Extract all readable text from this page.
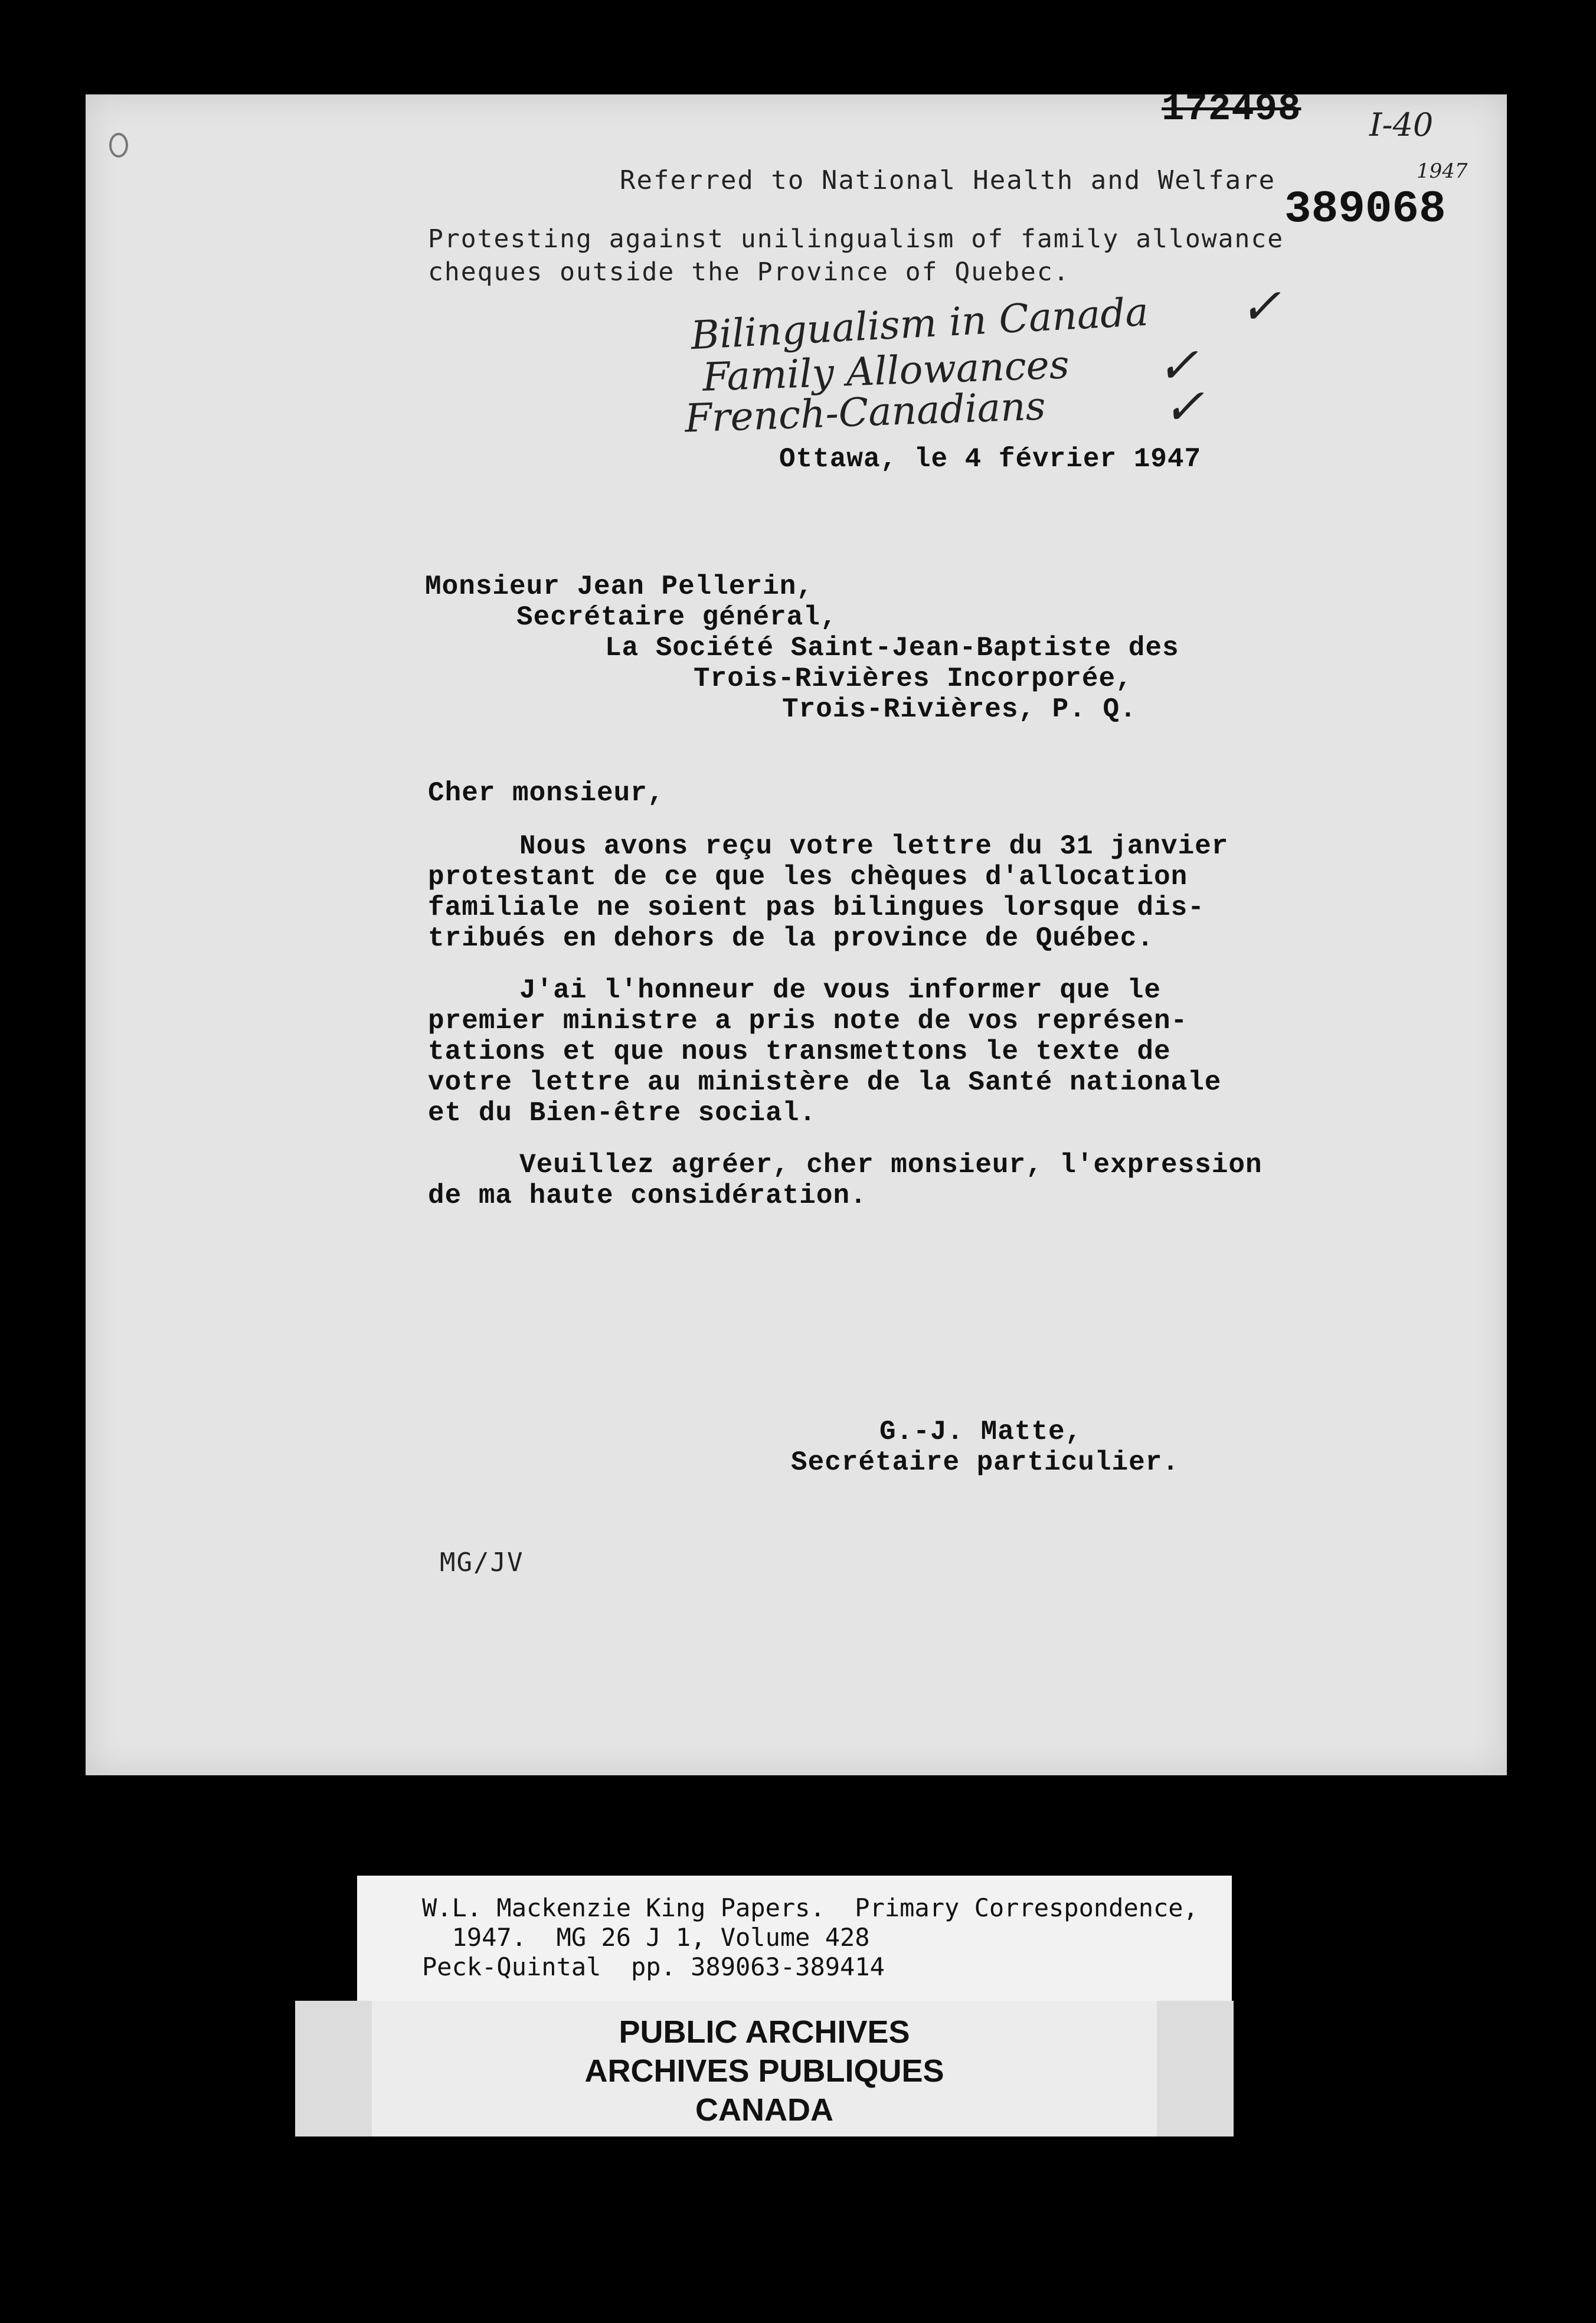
172498 I-40
1947
389068
Referred to National Health and Welfare
Protesting against unilingualism of family allowance
cheques outside the Province of Quebec.
Bilingualism in Canada ✓
Family Allowances ✓
French-Canadians ✓
Ottawa, le 4 février 1947
Monsieur Jean Pellerin,
Secrétaire général,
La Société Saint-Jean-Baptiste des
Trois-Rivières Incorporée,
Trois-Rivières, P. Q.
Cher monsieur,
Nous avons reçu votre lettre du 31 janvier
protestant de ce que les chèques d'allocation
familiale ne soient pas bilingues lorsque dis-
tribués en dehors de la province de Québec.
J'ai l'honneur de vous informer que le
premier ministre a pris note de vos représen-
tations et que nous transmettons le texte de
votre lettre au ministère de la Santé nationale
et du Bien-être social.
Veuillez agréer, cher monsieur, l'expression
de ma haute considération.
G.-J. Matte,
Secrétaire particulier.
MG/JV
W.L. Mackenzie King Papers.  Primary Correspondence,
1947.  MG 26 J 1, Volume 428
Peck-Quintal  pp. 389063-389414
PUBLIC ARCHIVES
ARCHIVES PUBLIQUES
CANADA
